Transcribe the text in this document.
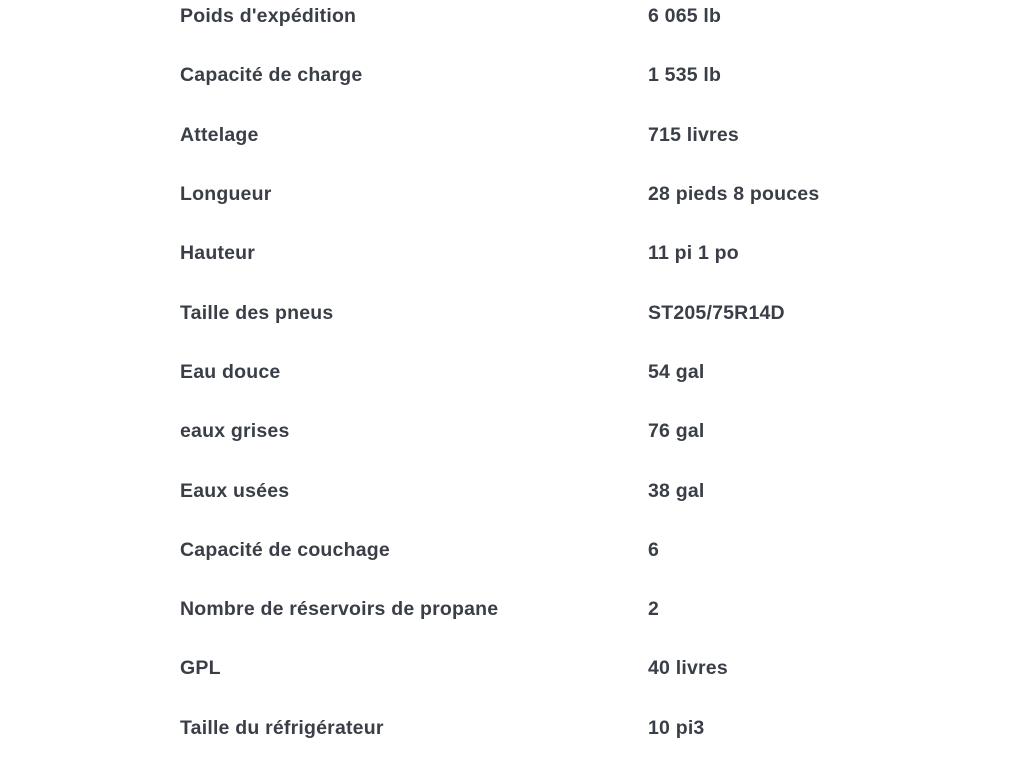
Poids d'expédition	6 065 lb
Capacité de charge	1 535 lb
Attelage	715 livres
Longueur	28 pieds 8 pouces
Hauteur	11 pi 1 po
Taille des pneus	ST205/75R14D
Eau douce	54 gal
eaux grises	76 gal
Eaux usées	38 gal
Capacité de couchage	6
Nombre de réservoirs de propane	2
GPL	40 livres
Taille du réfrigérateur	10 pi3
